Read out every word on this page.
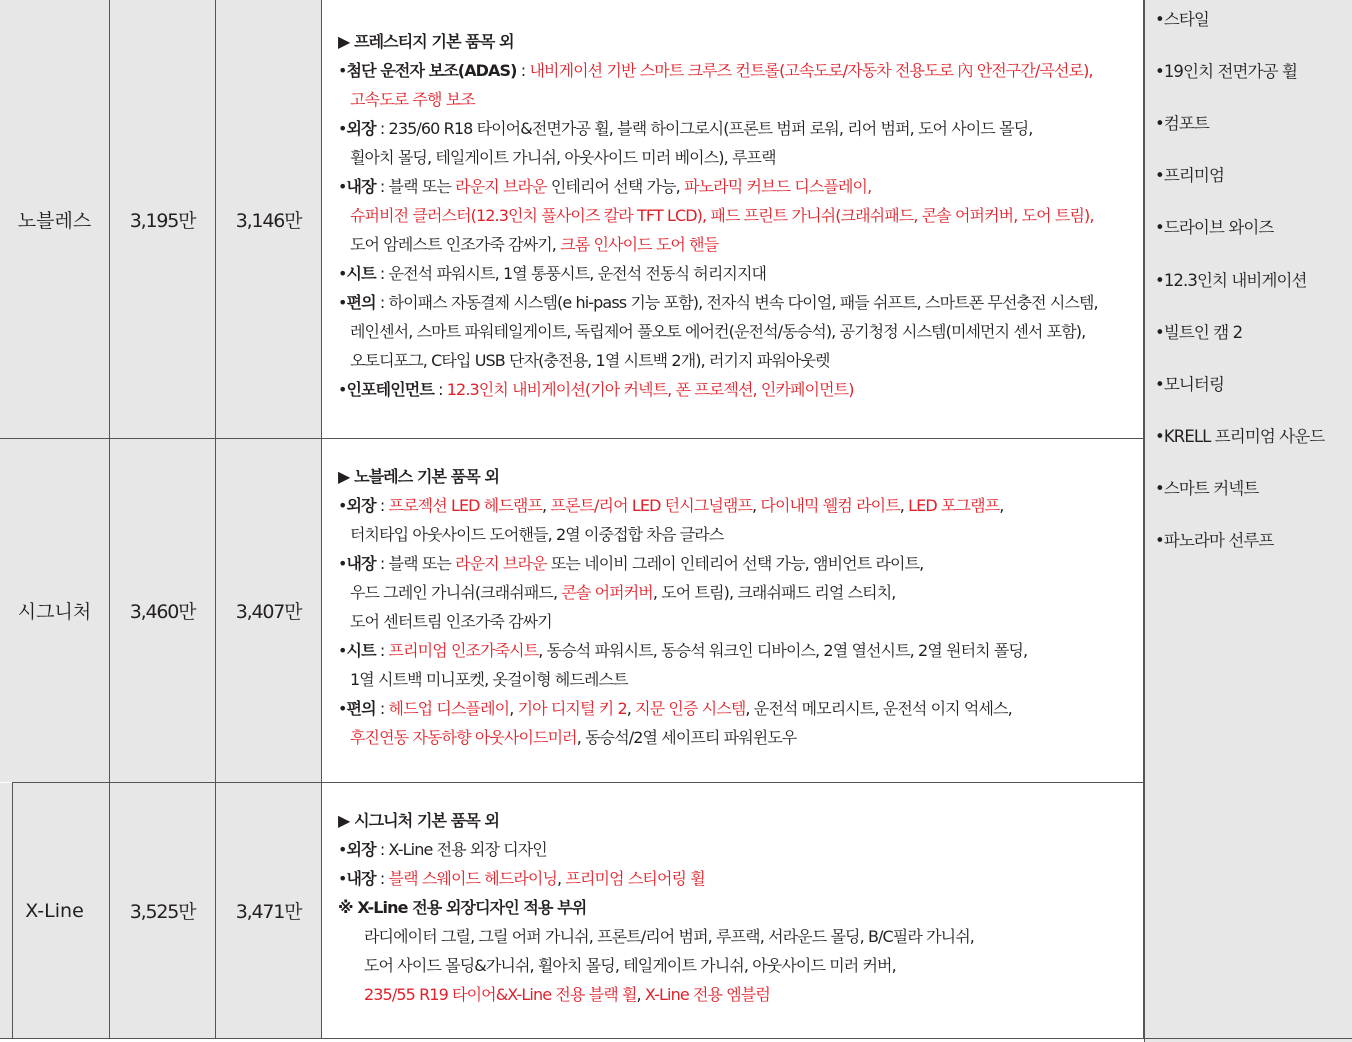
노블레스	3,195만	3,146만
▶ 프레스티지 기본 품목 외
•첨단 운전자 보조(ADAS) : 내비게이션 기반 스마트 크루즈 컨트롤(고속도로/자동차 전용도로 內 안전구간/곡선로),
고속도로 주행 보조
•외장 : 235/60 R18 타이어&전면가공 휠, 블랙 하이그로시(프론트 범퍼 로워, 리어 범퍼, 도어 사이드 몰딩,
휠아치 몰딩, 테일게이트 가니쉬, 아웃사이드 미러 베이스), 루프랙
•내장 : 블랙 또는 라운지 브라운 인테리어 선택 가능, 파노라믹 커브드 디스플레이,
슈퍼비전 클러스터(12.3인치 풀사이즈 칼라 TFT LCD), 패드 프린트 가니쉬(크래쉬패드, 콘솔 어퍼커버, 도어 트림),
도어 암레스트 인조가죽 감싸기, 크롬 인사이드 도어 핸들
•시트 : 운전석 파워시트, 1열 통풍시트, 운전석 전동식 허리지지대
•편의 : 하이패스 자동결제 시스템(e hi-pass 기능 포함), 전자식 변속 다이얼, 패들 쉬프트, 스마트폰 무선충전 시스템,
레인센서, 스마트 파워테일게이트, 독립제어 풀오토 에어컨(운전석/동승석), 공기청정 시스템(미세먼지 센서 포함),
오토디포그, C타입 USB 단자(충전용, 1열 시트백 2개), 러기지 파워아웃렛
•인포테인먼트 : 12.3인치 내비게이션(기아 커넥트, 폰 프로젝션, 인카페이먼트)
시그니처	3,460만	3,407만
▶ 노블레스 기본 품목 외
•외장 : 프로젝션 LED 헤드램프, 프론트/리어 LED 턴시그널램프, 다이내믹 웰컴 라이트, LED 포그램프,
터치타입 아웃사이드 도어핸들, 2열 이중접합 차음 글라스
•내장 : 블랙 또는 라운지 브라운 또는 네이비 그레이 인테리어 선택 가능, 앰비언트 라이트,
우드 그레인 가니쉬(크래쉬패드, 콘솔 어퍼커버, 도어 트림), 크래쉬패드 리얼 스티치,
도어 센터트림 인조가죽 감싸기
•시트 : 프리미엄 인조가죽시트, 동승석 파워시트, 동승석 워크인 디바이스, 2열 열선시트, 2열 원터치 폴딩,
1열 시트백 미니포켓, 옷걸이형 헤드레스트
•편의 : 헤드업 디스플레이, 기아 디지털 키 2, 지문 인증 시스템, 운전석 메모리시트, 운전석 이지 억세스,
후진연동 자동하향 아웃사이드미러, 동승석/2열 세이프티 파워윈도우
X-Line	3,525만	3,471만
▶ 시그니처 기본 품목 외
•외장 : X-Line 전용 외장 디자인
•내장 : 블랙 스웨이드 헤드라이닝, 프리미엄 스티어링 휠
※ X-Line 전용 외장디자인 적용 부위
라디에이터 그릴, 그릴 어퍼 가니쉬, 프론트/리어 범퍼, 루프랙, 서라운드 몰딩, B/C필라 가니쉬,
도어 사이드 몰딩&가니쉬, 휠아치 몰딩, 테일게이트 가니쉬, 아웃사이드 미러 커버,
235/55 R19 타이어&X-Line 전용 블랙 휠, X-Line 전용 엠블럼
•스타일
•19인치 전면가공 휠
•컴포트
•프리미엄
•드라이브 와이즈
•12.3인치 내비게이션
•빌트인 캠 2
•모니터링
•KRELL 프리미엄 사운드
•스마트 커넥트
•파노라마 선루프
